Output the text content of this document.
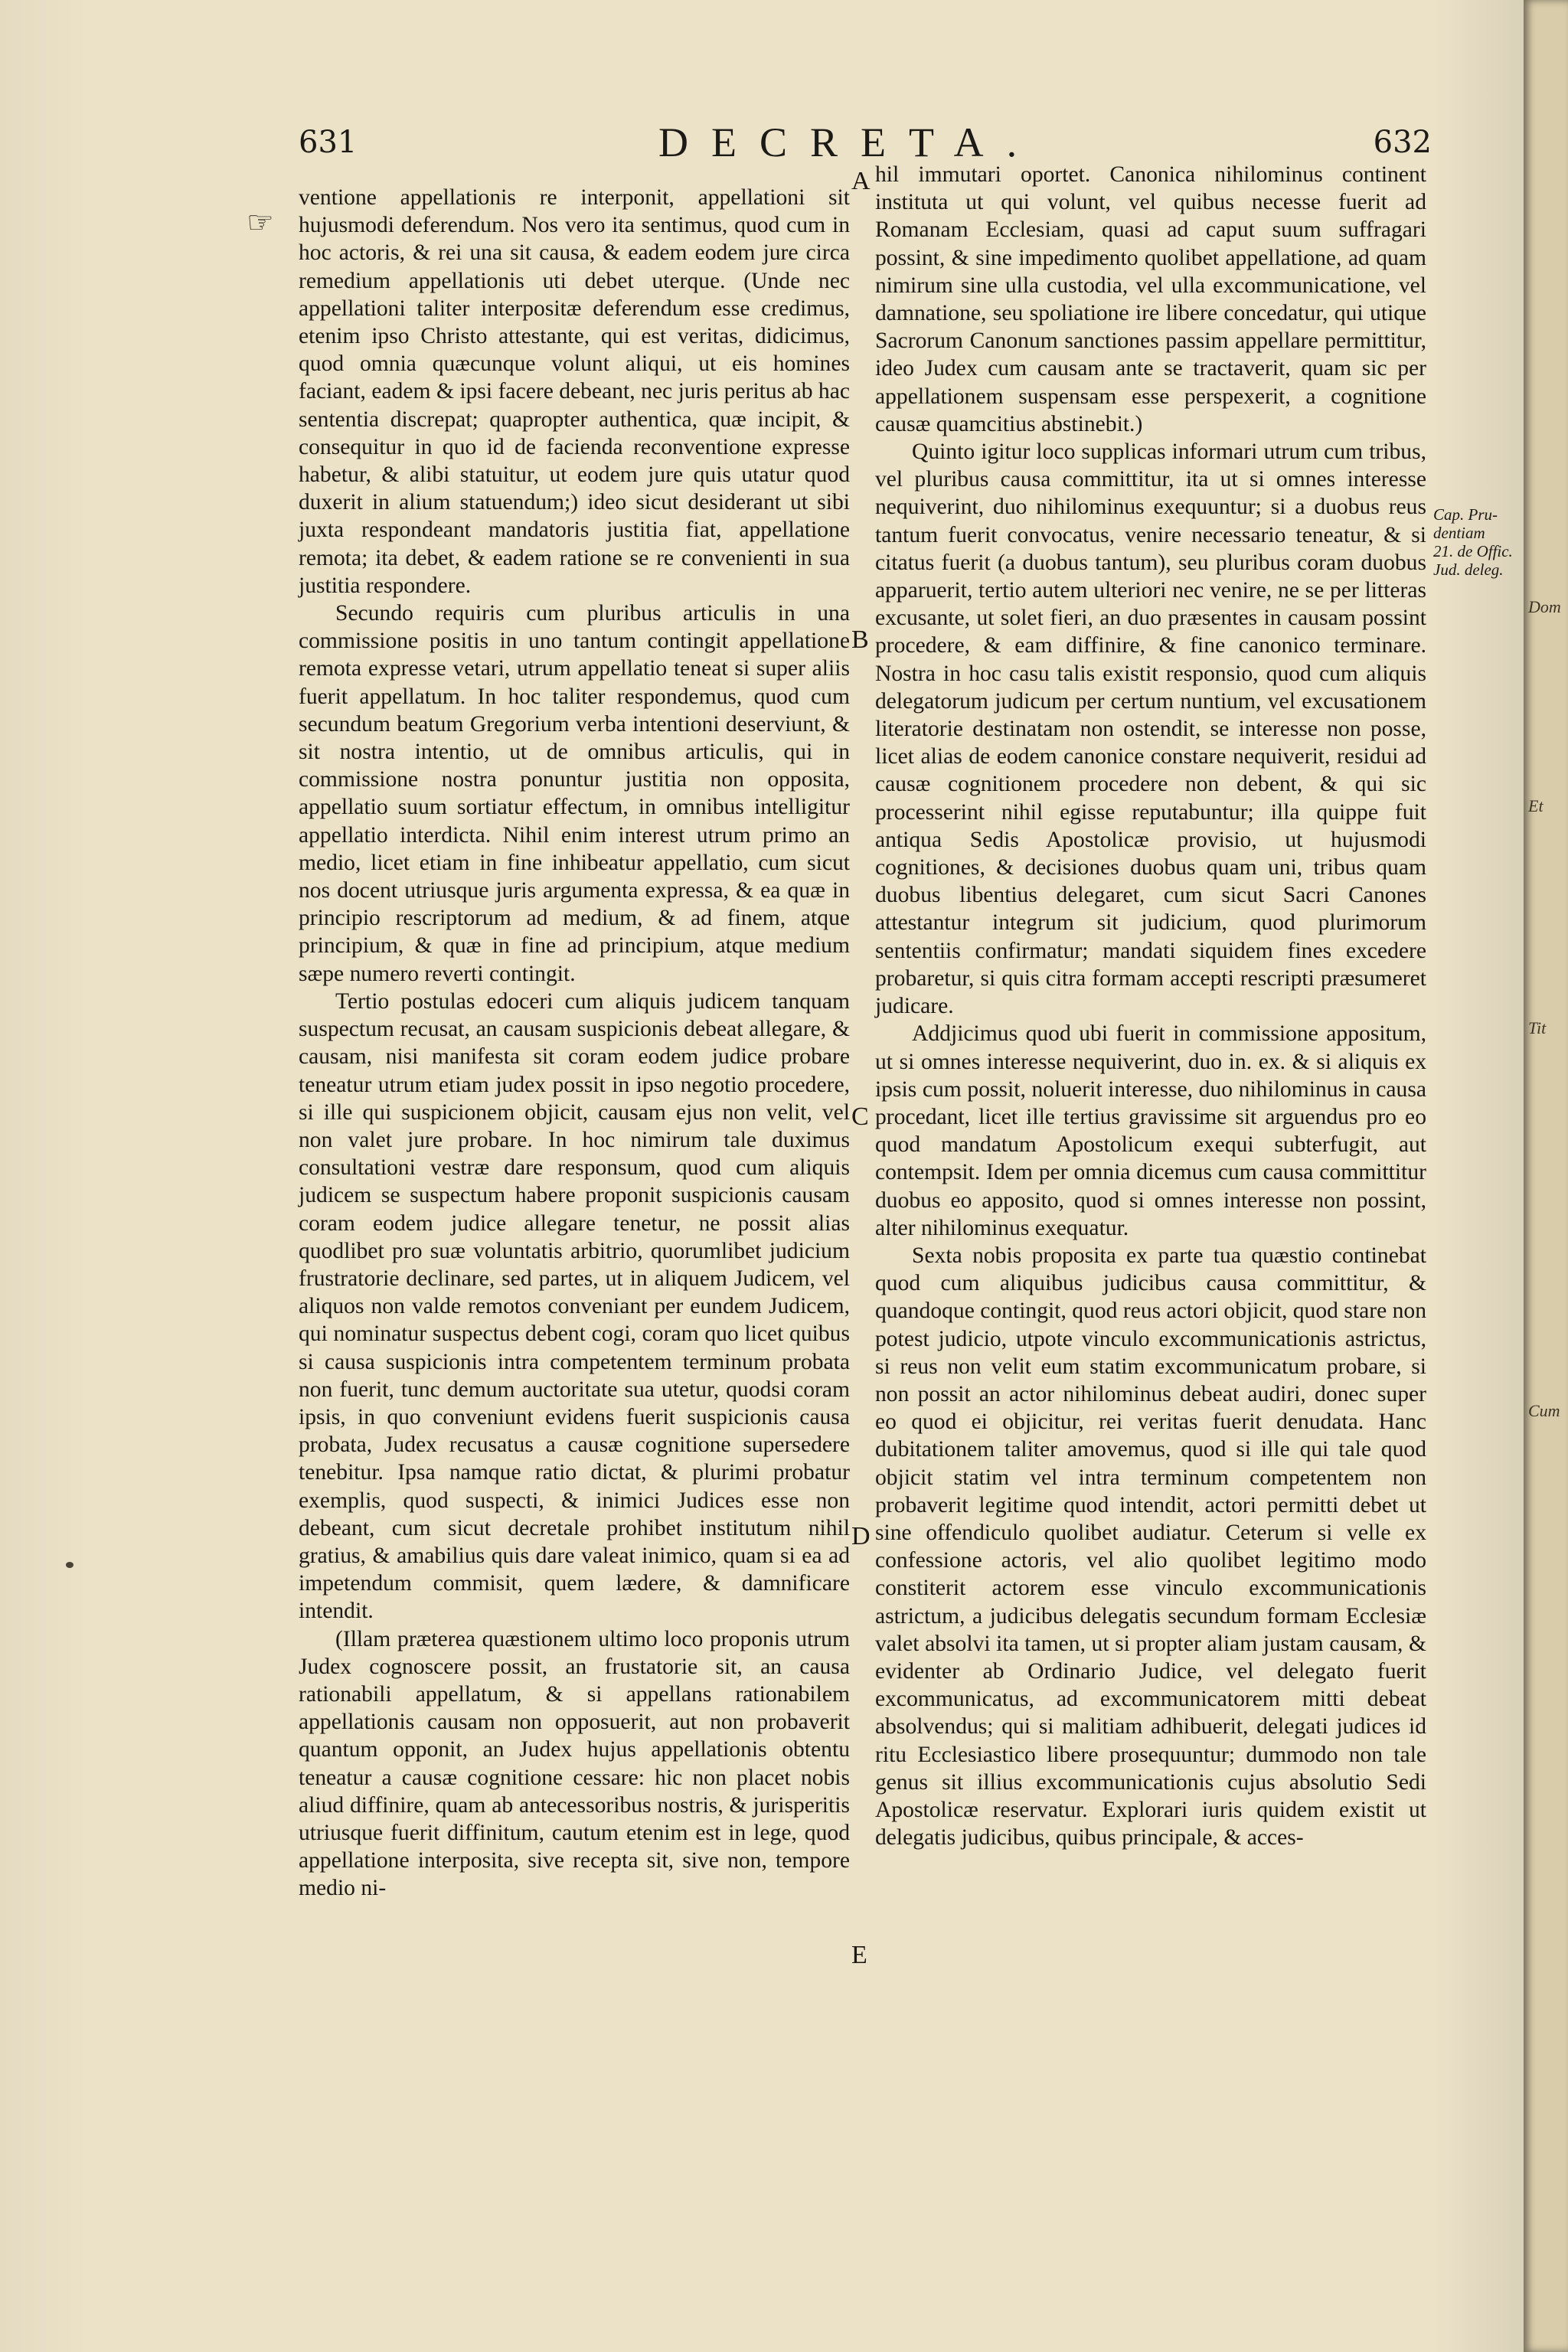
631	DECRETA.	632
☞

ventione appellationis re interponit, appellationi sit hujusmodi deferendum. Nos vero ita sentimus, quod cum in hoc actoris, & rei una sit causa, & eadem eodem jure circa remedium appellationis uti debet uterque. (Unde nec appellationi taliter interpositæ deferendum esse credimus, etenim ipso Christo attestante, qui est veritas, didicimus, quod omnia quæcunque volunt aliqui, ut eis homines faciant, eadem & ipsi facere debeant, nec juris peritus ab hac sententia discrepat; quapropter authentica, quæ incipit, & consequitur in quo id de facienda reconventione expresse habetur, & alibi statuitur, ut eodem jure quis utatur quod duxerit in alium statuendum;) ideo sicut desiderant ut sibi juxta respondeant mandatoris justitia fiat, appellatione remota; ita debet, & eadem ratione se re convenienti in sua justitia respondere.

Secundo requiris cum pluribus articulis in una commissione positis in uno tantum contingit appellatione remota expresse vetari, utrum appellatio teneat si super aliis fuerit appellatum. In hoc taliter respondemus, quod cum secundum beatum Gregorium verba intentioni deserviunt, & sit nostra intentio, ut de omnibus articulis, qui in commissione nostra ponuntur justitia non opposita, appellatio suum sortiatur effectum, in omnibus intelligitur appellatio interdicta. Nihil enim interest utrum primo an medio, licet etiam in fine inhibeatur appellatio, cum sicut nos docent utriusque juris argumenta expressa, & ea quæ in principio rescriptorum ad medium, & ad finem, atque principium, & quæ in fine ad principium, atque medium sæpe numero reverti contingit.

Tertio postulas edoceri cum aliquis judicem tanquam suspectum recusat, an causam suspicionis debeat allegare, & causam, nisi manifesta sit coram eodem judice probare teneatur utrum etiam judex possit in ipso negotio procedere, si ille qui suspicionem objicit, causam ejus non velit, vel non valet jure probare. In hoc nimirum tale duximus consultationi vestræ dare responsum, quod cum aliquis judicem se suspectum habere proponit suspicionis causam coram eodem judice allegare tenetur, ne possit alias quodlibet pro suæ voluntatis arbitrio, quorumlibet judicium frustratorie declinare, sed partes, ut in aliquem Judicem, vel aliquos non valde remotos conveniant per eundem Judicem, qui nominatur suspectus debent cogi, coram quo licet quibus si causa suspicionis intra competentem terminum probata non fuerit, tunc demum auctoritate sua utetur, quodsi coram ipsis, in quo conveniunt evidens fuerit suspicionis causa probata, Judex recusatus a causæ cognitione supersedere tenebitur. Ipsa namque ratio dictat, & plurimi probatur exemplis, quod suspecti, & inimici Judices esse non debeant, cum sicut decretale prohibet institutum nihil gratius, & amabilius quis dare valeat inimico, quam si ea ad impetendum commisit, quem lædere, & damnificare intendit.

(Illam præterea quæstionem ultimo loco proponis utrum Judex cognoscere possit, an frustatorie sit, an causa rationabili appellatum, & si appellans rationabilem appellationis causam non opposuerit, aut non probaverit quantum opponit, an Judex hujus appellationis obtentu teneatur a causæ cognitione cessare: hic non placet nobis aliud diffinire, quam ab antecessoribus nostris, & jurisperitis utriusque fuerit diffinitum, cautum etenim est in lege, quod appellatione interposita, sive recepta sit, sive non, tempore medio ni-

A
B
C
D
E

hil immutari oportet. Canonica nihilominus continent instituta ut qui volunt, vel quibus necesse fuerit ad Romanam Ecclesiam, quasi ad caput suum suffragari possint, & sine impedimento quolibet appellatione, ad quam nimirum sine ulla custodia, vel ulla excommunicatione, vel damnatione, seu spoliatione ire libere concedatur, qui utique Sacrorum Canonum sanctiones passim appellare permittitur, ideo Judex cum causam ante se tractaverit, quam sic per appellationem suspensam esse perspexerit, a cognitione causæ quamcitius abstinebit.)

Quinto igitur loco supplicas informari utrum cum tribus, vel pluribus causa committitur, ita ut si omnes interesse nequiverint, duo nihilominus exequuntur; si a duobus reus tantum fuerit convocatus, venire necessario teneatur, & si citatus fuerit (a duobus tantum), seu pluribus coram duobus apparuerit, tertio autem ulteriori nec venire, ne se per litteras excusante, ut solet fieri, an duo præsentes in causam possint procedere, & eam diffinire, & fine canonico terminare. Nostra in hoc casu talis existit responsio, quod cum aliquis delegatorum judicum per certum nuntium, vel excusationem literatorie destinatam non ostendit, se interesse non posse, licet alias de eodem canonice constare nequiverit, residui ad causæ cognitionem procedere non debent, & qui sic processerint nihil egisse reputabuntur; illa quippe fuit antiqua Sedis Apostolicæ provisio, ut hujusmodi cognitiones, & decisiones duobus quam uni, tribus quam duobus libentius delegaret, cum sicut Sacri Canones attestantur integrum sit judicium, quod plurimorum sententiis confirmatur; mandati siquidem fines excedere probaretur, si quis citra formam accepti rescripti præsumeret judicare.

Addjicimus quod ubi fuerit in commissione appositum, ut si omnes interesse nequiverint, duo in. ex. & si aliquis ex ipsis cum possit, noluerit interesse, duo nihilominus in causa procedant, licet ille tertius gravissime sit arguendus pro eo quod mandatum Apostolicum exequi subterfugit, aut contempsit. Idem per omnia dicemus cum causa committitur duobus eo apposito, quod si omnes interesse non possint, alter nihilominus exequatur.

Sexta nobis proposita ex parte tua quæstio continebat quod cum aliquibus judicibus causa committitur, & quandoque contingit, quod reus actori objicit, quod stare non potest judicio, utpote vinculo excommunicationis astrictus, si reus non velit eum statim excommunicatum probare, si non possit an actor nihilominus debeat audiri, donec super eo quod ei objicitur, rei veritas fuerit denudata. Hanc dubitationem taliter amovemus, quod si ille qui tale quod objicit statim vel intra terminum competentem non probaverit legitime quod intendit, actori permitti debet ut sine offendiculo quolibet audiatur. Ceterum si velle ex confessione actoris, vel alio quolibet legitimo modo constiterit actorem esse vinculo excommunicationis astrictum, a judicibus delegatis secundum formam Ecclesiæ valet absolvi ita tamen, ut si propter aliam justam causam, & evidenter ab Ordinario Judice, vel delegato fuerit excommunicatus, ad excommunicatorem mitti debeat absolvendus; qui si malitiam adhibuerit, delegati judices id ritu Ecclesiastico libere prosequuntur; dummodo non tale genus sit illius excommunicationis cujus absolutio Sedi Apostolicæ reservatur. Explorari iuris quidem existit ut delegatis judicibus, quibus principale, & acces-

Cap. Pru-
dentiam
21. de Offic.
Jud. deleg.
Et
Tit
Cum
Dom
